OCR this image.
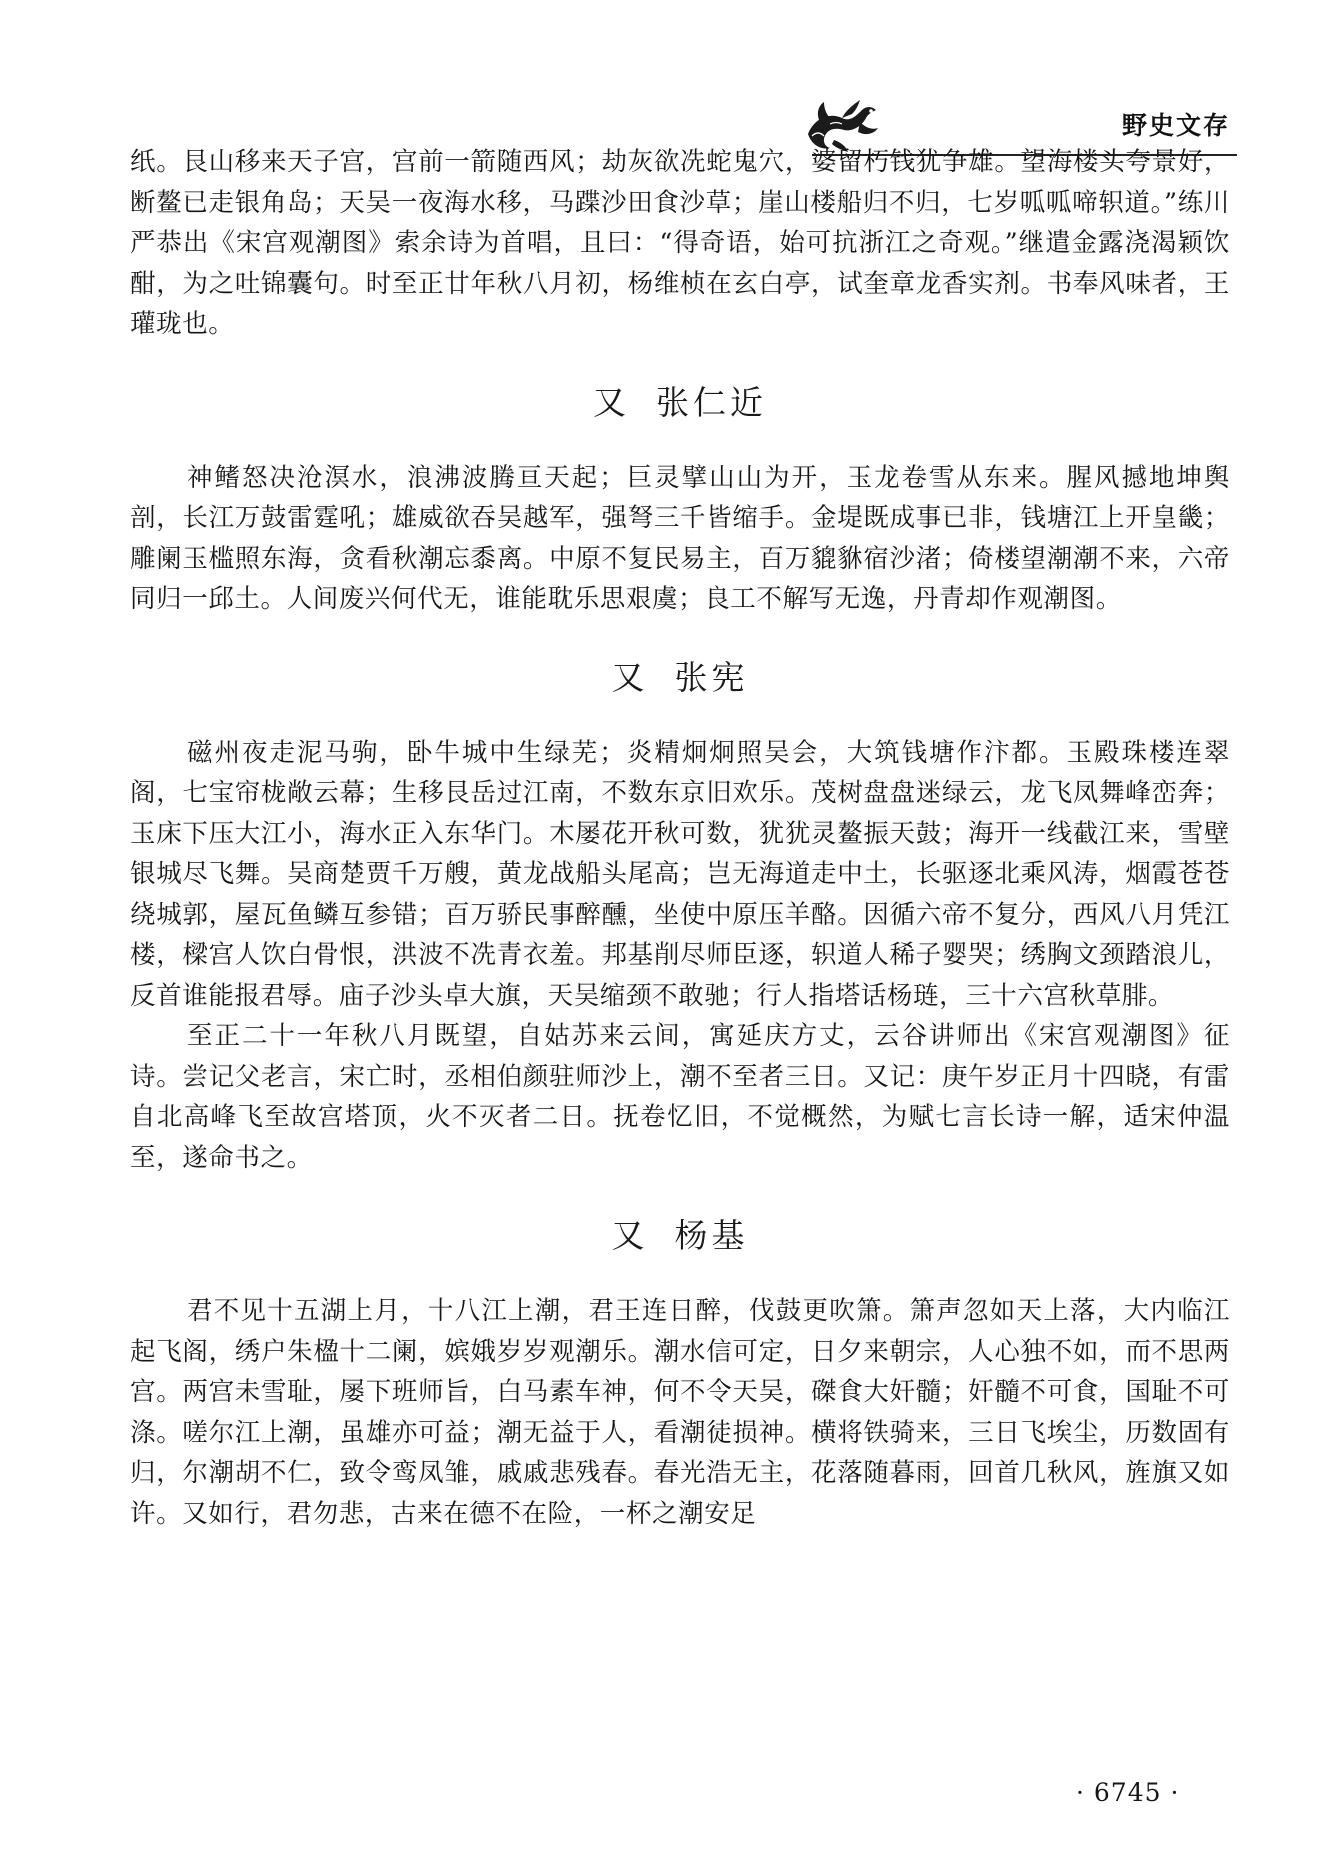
野史文存

纸。艮山移来天子宫，宫前一箭随西风；劫灰欲冼蛇鬼穴，婆留朽钱犹争雄。望海楼头夸景好，断鳌已走银角岛；天吴一夜海水移，马蹀沙田食沙草；崖山楼船归不归，七岁呱呱啼轵道。”练川严恭出《宋宫观潮图》索余诗为首唱，且曰：“得奇语，始可抗浙江之奇观。”继遣金露浇渴颖饮酣，为之吐锦囊句。时至正廿年秋八月初，杨维桢在玄白亭，试奎章龙香实剂。书奉风味者，王瓘珑也。

又 张仁近

神鳍怒决沧溟水，浪沸波腾亘天起；巨灵擘山山为开，玉龙卷雪从东来。腥风撼地坤舆剖，长江万鼓雷霆吼；雄威欲吞吴越军，强弩三千皆缩手。金堤既成事已非，钱塘江上开皇畿；雕阑玉槛照东海，贪看秋潮忘黍离。中原不复民易主，百万貔貅宿沙渚；倚楼望潮潮不来，六帝同归一邱土。人间废兴何代无，谁能耽乐思艰虞；良工不解写无逸，丹青却作观潮图。

又 张宪

磁州夜走泥马驹，卧牛城中生绿芜；炎精炯炯照吴会，大筑钱塘作汴都。玉殿珠楼连翠阁，七宝帘栊敞云幕；生移艮岳过江南，不数东京旧欢乐。茂树盘盘迷绿云，龙飞凤舞峰峦奔；玉床下压大江小，海水正入东华门。木屡花开秋可数，犹犹灵鳌振天鼓；海开一线截江来，雪壁银城尽飞舞。吴商楚贾千万艘，黄龙战船头尾高；岂无海道走中土，长驱逐北乘风涛，烟霞苍苍绕城郭，屋瓦鱼鳞互参错；百万骄民事醉醺，坐使中原压羊酪。因循六帝不复分，西风八月凭江楼，樑宫人饮白骨恨，洪波不冼青衣羞。邦基削尽师臣逐，轵道人稀子婴哭；绣胸文颈踏浪儿，反首谁能报君辱。庙子沙头卓大旗，天吴缩颈不敢驰；行人指塔话杨琏，三十六宫秋草腓。

至正二十一年秋八月既望，自姑苏来云间，寓延庆方丈，云谷讲师出《宋宫观潮图》征诗。尝记父老言，宋亡时，丞相伯颜驻师沙上，潮不至者三日。又记：庚午岁正月十四晓，有雷自北高峰飞至故宫塔顶，火不灭者二日。抚卷忆旧，不觉概然，为赋七言长诗一解，适宋仲温至，遂命书之。

又 杨基

君不见十五湖上月，十八江上潮，君王连日醉，伐鼓更吹箫。箫声忽如天上落，大内临江起飞阁，绣户朱楹十二阑，嫔娥岁岁观潮乐。潮水信可定，日夕来朝宗，人心独不如，而不思两宫。两宫未雪耻，屡下班师旨，白马素车神，何不令天吴，磔食大奸髓；奸髓不可食，国耻不可涤。嗟尔江上潮，虽雄亦可益；潮无益于人，看潮徒损神。横将铁骑来，三日飞埃尘，历数固有归，尔潮胡不仁，致令鸾凤雏，戚戚悲残春。春光浩无主，花落随暮雨，回首几秋风，旌旗又如许。又如行，君勿悲，古来在德不在险，一杯之潮安足

· 6745 ·
